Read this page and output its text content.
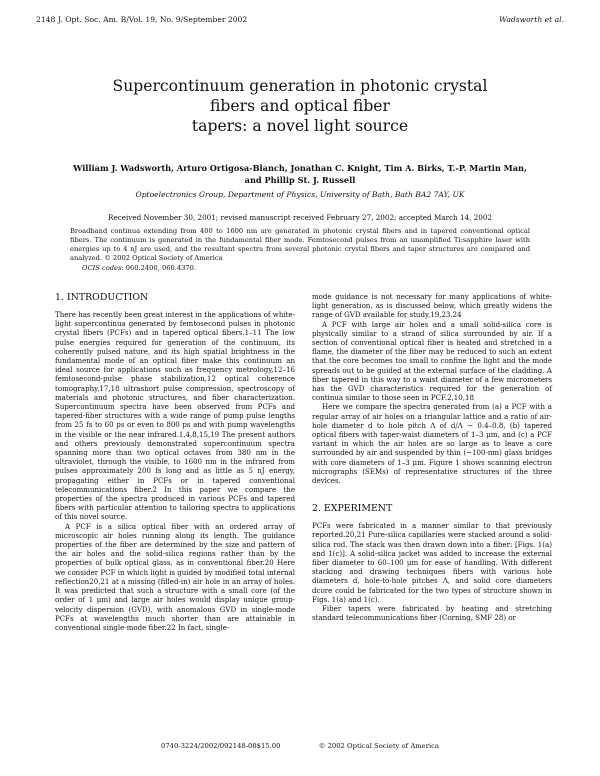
2148 J. Opt. Soc. Am. B/Vol. 19, No. 9/September 2002	Wadsworth et al.
Supercontinuum generation in photonic crystal
fibers and optical fiber
tapers: a novel light source
William J. Wadsworth, Arturo Ortigosa-Blanch, Jonathan C. Knight, Tim A. Birks, T.-P. Martin Man,
and Phillip St. J. Russell
Optoelectronics Group, Department of Physics, University of Bath, Bath BA2 7AY, UK
Received November 30, 2001; revised manuscript received February 27, 2002; accepted March 14, 2002
Broadband continua extending from 400 to 1600 nm are generated in photonic crystal fibers and in tapered conventional optical fibers. The continuum is generated in the fundamental fiber mode. Femtosecond pulses from an unamplified Ti:sapphire laser with energies up to 4 nJ are used, and the resultant spectra from several photonic crystal fibers and taper structures are compared and analyzed. © 2002 Optical Society of America
OCIS codes: 060.2400, 060.4370.
1. INTRODUCTION

There has recently been great interest in the applications of white-light supercontinua generated by femtosecond pulses in photonic crystal fibers (PCFs) and in tapered optical fibers.1–11 The low pulse energies required for generation of the continuum, its coherently pulsed nature, and its high spatial brightness in the fundamental mode of an optical fiber make this continuum an ideal source for applications such as frequency metrology,12–16 femtosecond-pulse phase stabilization,12 optical coherence tomography,17,18 ultrashort pulse compression, spectroscopy of materials and photonic structures, and fiber characterization. Supercontinuum spectra have been observed from PCFs and tapered-fiber structures with a wide range of pump pulse lengths from 25 fs to 60 ps or even to 800 ps and with pump wavelengths in the visible or the near infrared.1,4,8,15,19 The present authors and others previously demonstrated supercontinuum spectra spanning more than two optical octaves from 380 nm in the ultraviolet, through the visible, to 1600 nm in the infrared from pulses approximately 200 fs long and as little as 5 nJ energy, propagating either in PCFs or in tapered conventional telecommunications fiber.2 In this paper we compare the properties of the spectra produced in various PCFs and tapered fibers with particular attention to tailoring spectra to applications of this novel source.

A PCF is a silica optical fiber with an ordered array of microscopic air holes running along its length. The guidance properties of the fiber are determined by the size and pattern of the air holes and the solid-silica regions rather than by the properties of bulk optical glass, as in conventional fiber.20 Here we consider PCF in which light is guided by modified total internal reflection20,21 at a missing (filled-in) air hole in an array of holes. It was predicted that such a structure with a small core (of the order of 1 μm) and large air holes would display unique group-velocity dispersion (GVD), with anomalous GVD in single-mode PCFs at wavelengths much shorter than are attainable in conventional single-mode fiber.22 In fact, single-

mode guidance is not necessary for many applications of white-light generation, as is discussed below, which greatly widens the range of GVD available for study.19,23,24

A PCF with large air holes and a small solid-silica core is physically similar to a strand of silica surrounded by air. If a section of conventional optical fiber is heated and stretched in a flame, the diameter of the fiber may be reduced to such an extent that the core becomes too small to confine the light and the mode spreads out to be guided at the external surface of the cladding. A fiber tapered in this way to a waist diameter of a few micrometers has the GVD characteristics required for the generation of continua similar to those seen in PCF.2,10,18

Here we compare the spectra generated from (a) a PCF with a regular array of air holes on a triangular lattice and a ratio of air-hole diameter d to hole pitch Λ of d/Λ ~ 0.4–0.8, (b) tapered optical fibers with taper-waist diameters of 1–3 μm, and (c) a PCF variant in which the air holes are so large as to leave a core surrounded by air and suspended by thin (~100-nm) glass bridges with core diameters of 1–3 μm. Figure 1 shows scanning electron micrographs (SEMs) of representative structures of the three devices.

2. EXPERIMENT

PCFs were fabricated in a manner similar to that previously reported.20,21 Pure-silica capillaries were stacked around a solid-silica rod. The stack was then drawn down into a fiber: [Figs. 1(a) and 1(c)]. A solid-silica jacket was added to increase the external fiber diameter to 60–100 μm for ease of handling. With different stacking and drawing techniques fibers with various hole diameters d, hole-to-hole pitches Λ, and solid core diameters dcore could be fabricated for the two types of structure shown in Figs. 1(a) and 1(c).

Fiber tapers were fabricated by heating and stretching standard telecommunications fiber (Corning, SMF 28) or

0740-3224/2002/092148-08$15.00	© 2002 Optical Society of America
